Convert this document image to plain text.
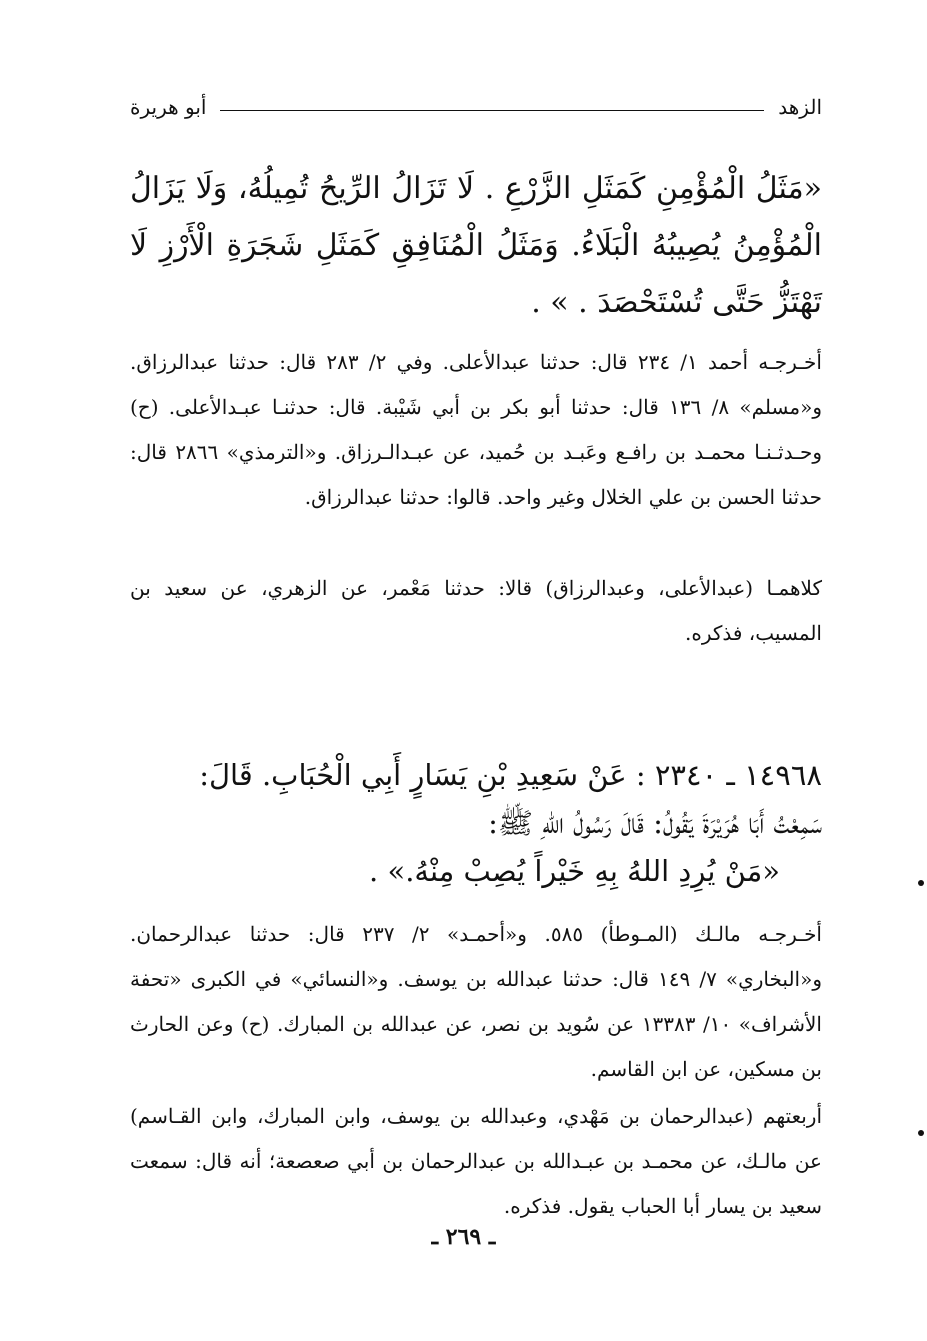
الزهد
أبو هريرة

«مَثَلُ الْمُؤْمِنِ كَمَثَلِ الزَّرْعِ . لَا تَزَالُ الرِّيحُ تُمِيلُهُ، وَلَا يَزَالُ الْمُؤْمِنُ يُصِيبُهُ الْبَلَاءُ. وَمَثَلُ الْمُنَافِقِ كَمَثَلِ شَجَرَةِ الْأَرْزِ لَا تَهْتَزُّ حَتَّى تُسْتَحْصَدَ . » .

أخـرجـه أحمد ١/ ٢٣٤ قال: حدثنا عبدالأعلى. وفي ٢/ ٢٨٣ قال: حدثنا عبدالرزاق. و«مسلم» ٨/ ١٣٦ قال: حدثنا أبو بكر بن أبي شَيْبة. قال: حدثنـا عبـدالأعلى. (ح) وحـدثـنـا محمـد بن رافـع وعَبـد بن حُميد، عن عبـدالـرزاق. و«الترمذي» ٢٨٦٦ قال: حدثنا الحسن بن علي الخلال وغير واحد. قالوا: حدثنا عبدالرزاق.

كلاهمـا (عبدالأعلى، وعبدالرزاق) قالا: حدثنا مَعْمر، عن الزهري، عن سعيد بن المسيب، فذكره.

١٤٩٦٨ ـ ٢٣٤٠ : عَنْ سَعِيدِ بْنِ يَسَارٍ أَبِي الْحُبَابِ. قَالَ:
سَمِعْتُ أَبَا هُرَيْرَةَ يَقُولُ: قَالَ رَسُولُ اللهِ ﷺ:
«مَنْ يُرِدِ اللهُ بِهِ خَيْراً يُصِبْ مِنْهُ.» .

أخـرجـه مالـك (المـوطأ) ٥٨٥. و«أحمـد» ٢/ ٢٣٧ قال: حدثنا عبدالرحمان. و«البخاري» ٧/ ١٤٩ قال: حدثنا عبدالله بن يوسف. و«النسائي» في الكبرى «تحفة الأشراف» ١٠/ ١٣٣٨٣ عن سُويد بن نصر، عن عبدالله بن المبارك. (ح) وعن الحارث بن مسكين، عن ابن القاسم.

أربعتهم (عبدالرحمان بن مَهْدي، وعبدالله بن يوسف، وابن المبارك، وابن القـاسم) عن مالـك، عن محمـد بن عبـدالله بن عبدالرحمان بن أبي صعصعة؛ أنه قال: سمعت سعيد بن يسار أبا الحباب يقول. فذكره.

ـ ٢٦٩ ـ
